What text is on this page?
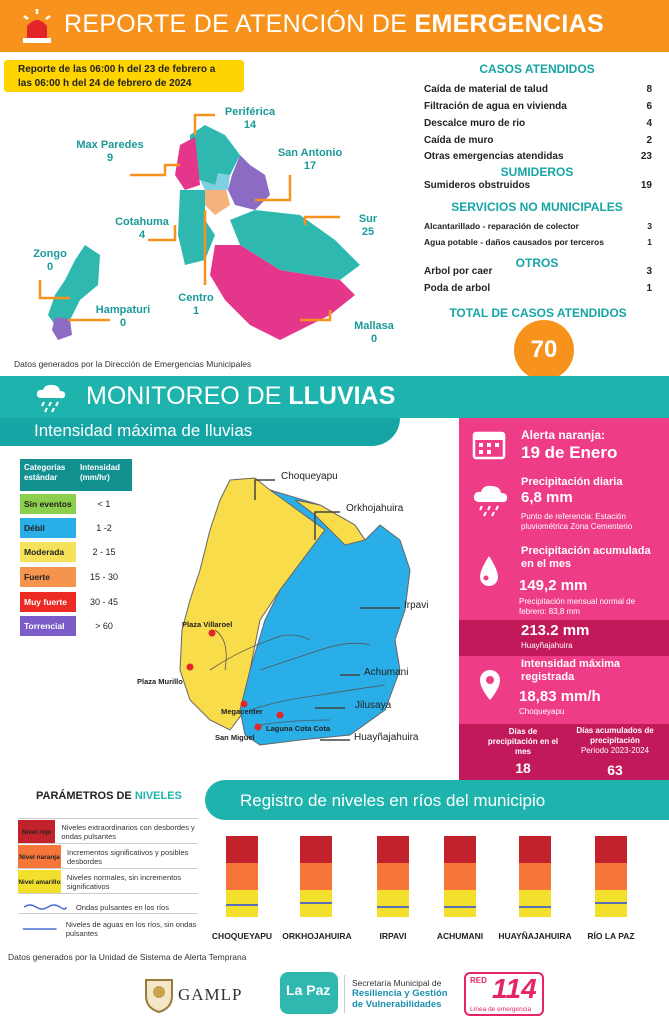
REPORTE DE ATENCIÓN DE EMERGENCIAS
Reporte de las 06:00 h del 23 de febrero a
las 06:00 h del 24 de febrero de 2024
Periférica
14
Max Paredes
9	San Antonio
17
Cotahuma
4
Sur
25
Zongo
0
Centro
1
Hampaturi
0	Mallasa
0
Datos generados por la Dirección de Emergencias Municipales
CASOS ATENDIDOS
Caída de material de talud	8
Filtración de agua en vivienda	6
Descalce muro de rio	4
Caída de muro	2
Otras emergencias atendidas	23
SUMIDEROS
Sumideros obstruidos	19
SERVICIOS NO MUNICIPALES
Alcantarillado - reparación de colector	3
Agua potable - daños causados por terceros	1
OTROS
Arbol por caer	3
Poda de arbol	1
TOTAL DE CASOS ATENDIDOS
70
MONITOREO DE LLUVIAS
Intensidad máxima de lluvias
Categorías estándar
Intensidad (mm/hr)
Sin eventos	< 1
Débil	1 -2
Moderada	2 - 15
Fuerte	15 - 30
Muy fuerte	30 - 45
Torrencial	> 60
Choqueyapu
Orkhojahuira
Irpavi
Achumani
Jilusaya
Huayñajahuira
Plaza Villaroel
Plaza Murillo
Megacenter
San Miguel
Laguna Cota Cota
Alerta naranja:
19 de Enero
Precipitación diaria
6,8 mm
Punto de referencia: Estación pluviométrica Zona Cementerio
Precipitación acumulada en el mes
149,2 mm
Precipitación mensual normal de febrero: 83,8 mm
213.2 mm
Huayñajahuira
Intensidad máxima registrada
18,83 mm/h
Choqueyapu
Días de precipitación en el mes
18
Días acumulados de precipitación
Periodo 2023-2024
63
PARÁMETROS DE NIVELES
Nivel rojo	Niveles extraordinarios con desbordes y ondas pulsantes
Nivel naranja Incrementos significativos y posibles desbordes
Nivel amarillo Niveles normales, sin incrementos significativos
Ondas pulsantes en los ríos
Niveles de aguas en los ríos, sin ondas pulsantes
Registro de niveles en ríos del municipio
CHOQUEYAPU	ORKHOJAHUIRA	IRPAVI	ACHUMANI	HUAYÑAJAHUIRA	RÍO LA PAZ
Datos generados por la Unidad de Sistema de Alerta Temprana
GAMLP	La Paz	Secretaría Municipal de
Resiliencia y Gestión
de Vulnerabilidades
RED 114
Línea de emergencia
